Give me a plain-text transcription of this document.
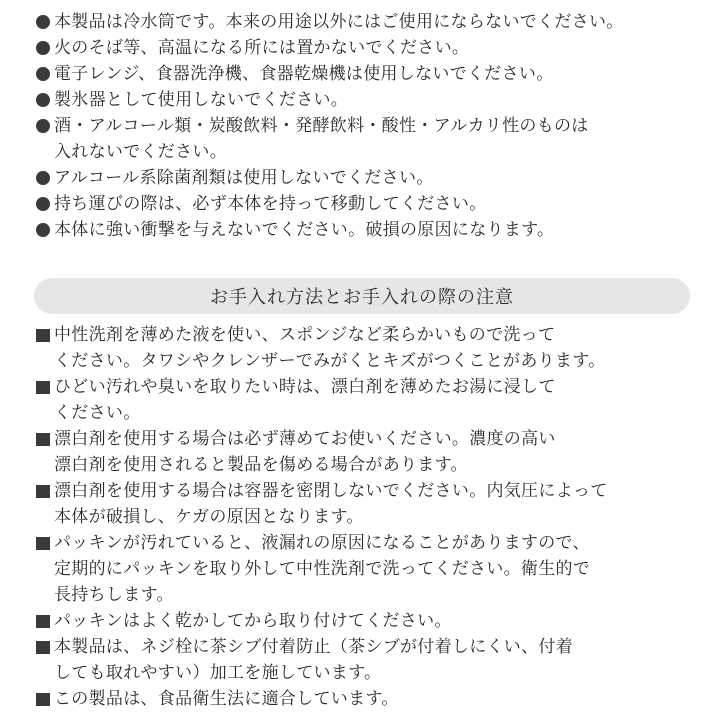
本製品は冷水筒です。本来の用途以外にはご使用にならないでください。
火のそば等、高温になる所には置かないでください。
電子レンジ、食器洗浄機、食器乾燥機は使用しないでください。
製氷器として使用しないでください。
酒・アルコール類・炭酸飲料・発酵飲料・酸性・アルカリ性のものは
入れないでください。
アルコール系除菌剤類は使用しないでください。
持ち運びの際は、必ず本体を持って移動してください。
本体に強い衝撃を与えないでください。破損の原因になります。
お手入れ方法とお手入れの際の注意
中性洗剤を薄めた液を使い、スポンジなど柔らかいもので洗って
ください。タワシやクレンザーでみがくとキズがつくことがあります。
ひどい汚れや臭いを取りたい時は、漂白剤を薄めたお湯に浸して
ください。
漂白剤を使用する場合は必ず薄めてお使いください。濃度の高い
漂白剤を使用されると製品を傷める場合があります。
漂白剤を使用する場合は容器を密閉しないでください。内気圧によって
本体が破損し、ケガの原因となります。
パッキンが汚れていると、液漏れの原因になることがありますので、
定期的にパッキンを取り外して中性洗剤で洗ってください。衛生的で
長持ちします。
パッキンはよく乾かしてから取り付けてください。
本製品は、ネジ栓に茶シブ付着防止（茶シブが付着しにくい、付着
しても取れやすい）加工を施しています。
この製品は、食品衛生法に適合しています。
